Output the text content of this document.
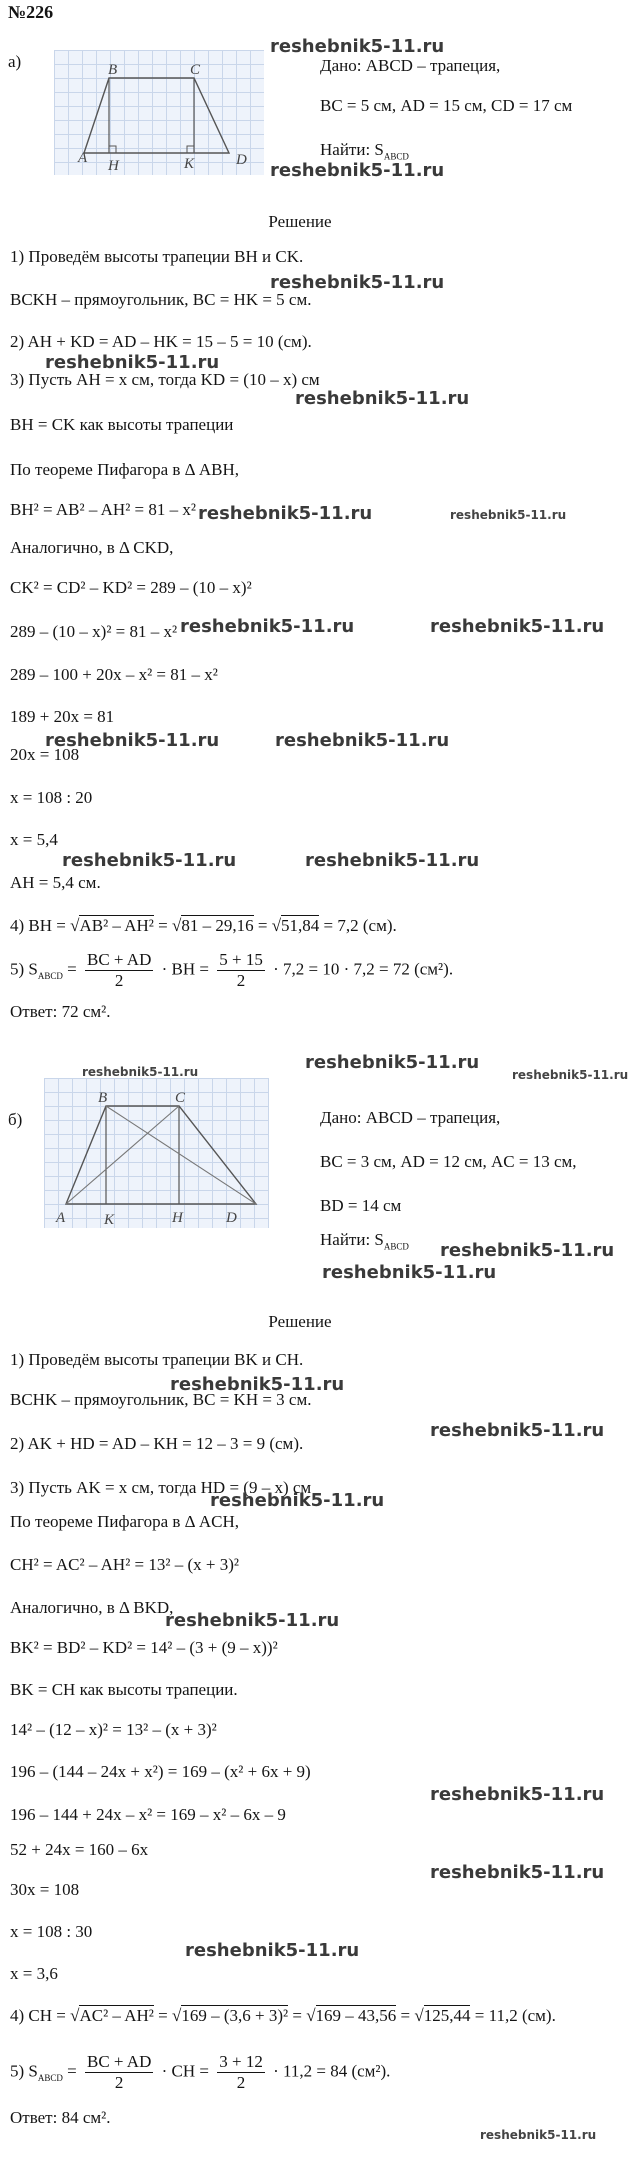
№226
а)	B	C
A H	K	D
Дано: ABCD – трапеция,
BC = 5 см, AD = 15 см, CD = 17 см
Найти: $S_{ABCD}$
Решение
1) Проведём высоты трапеции BH и CK.
BCKH – прямоугольник, BC = HK = 5 см.
2) AH + KD = AD – HK = 15 – 5 = 10 (см).
3) Пусть AH = x см, тогда KD = (10 – x) см
BH = CK как высоты трапеции
По теореме Пифагора в Δ ABH,
BH² = AB² – AH² = 81 – x²
Аналогично, в Δ CKD,
CK² = CD² – KD² = 289 – (10 – x)²
289 – (10 – x)² = 81 – x²
289 – 100 + 20x – x² = 81 – x²
189 + 20x = 81
20x = 108
x = 108 : 20
x = 5,4
AH = 5,4 см.
4) BH = √AB² – AH² = √81 – 29,16 = √51,84 = 7,2 (см).
5) $S_{ABCD} = \frac{BC + AD}{2}$ · BH = $\frac{5 + 15}{2} \cdot 7,2 = 10 \cdot 7,2 = 72$ (см²).
Ответ: 72 см².
б)
B	C
A	K	H	D
Дано: ABCD – трапеция,
BC = 3 см, AD = 12 см, AC = 13 см,
BD = 14 см
Найти: $S_{ABCD}$
Решение
1) Проведём высоты трапеции BK и CH.
BCHK – прямоугольник, BC = KH = 3 см.
2) AK + HD = AD – KH = 12 – 3 = 9 (см).
3) Пусть AK = x см, тогда HD = (9 – x) см
По теореме Пифагора в Δ ACH,
CH² = AC² – AH² = 13² – (x + 3)²
Аналогично, в Δ BKD,
BK² = BD² – KD² = 14² – (3 + (9 – x))²
BK = CH как высоты трапеции.
14² – (12 – x)² = 13² – (x + 3)²
196 – (144 – 24x + x²) = 169 – (x² + 6x + 9)
196 – 144 + 24x – x² = 169 – x² – 6x – 9
52 + 24x = 160 – 6x
30x = 108
x = 108 : 30
x = 3,6
4) CH = √AC² – AH² = √169 – (3,6 + 3)² = √169 – 43,56 = √125,44 = 11,2 (см).
5) $S_{ABCD} = \frac{BC + AD}{2}$ · CH = $\frac{3 + 12}{2} \cdot 11,2 = 84$ (см²).
Ответ: 84 см².
reshebnik5-11.ru
reshebnik5-11.ru
reshebnik5-11.ru
reshebnik5-11.ru
reshebnik5-11.ru
reshebnik5-11.ru	reshebnik5-11.ru
reshebnik5-11.ru	reshebnik5-11.ru
reshebnik5-11.ru	reshebnik5-11.ru
reshebnik5-11.ru	reshebnik5-11.ru
reshebnik5-11.ru
reshebnik5-11.ru
reshebnik5-11.ru
reshebnik5-11.ru
reshebnik5-11.ru
reshebnik5-11.ru
reshebnik5-11.ru
reshebnik5-11.ru
reshebnik5-11.ru
reshebnik5-11.ru
reshebnik5-11.ru
reshebnik5-11.ru
reshebnik5-11.ru
